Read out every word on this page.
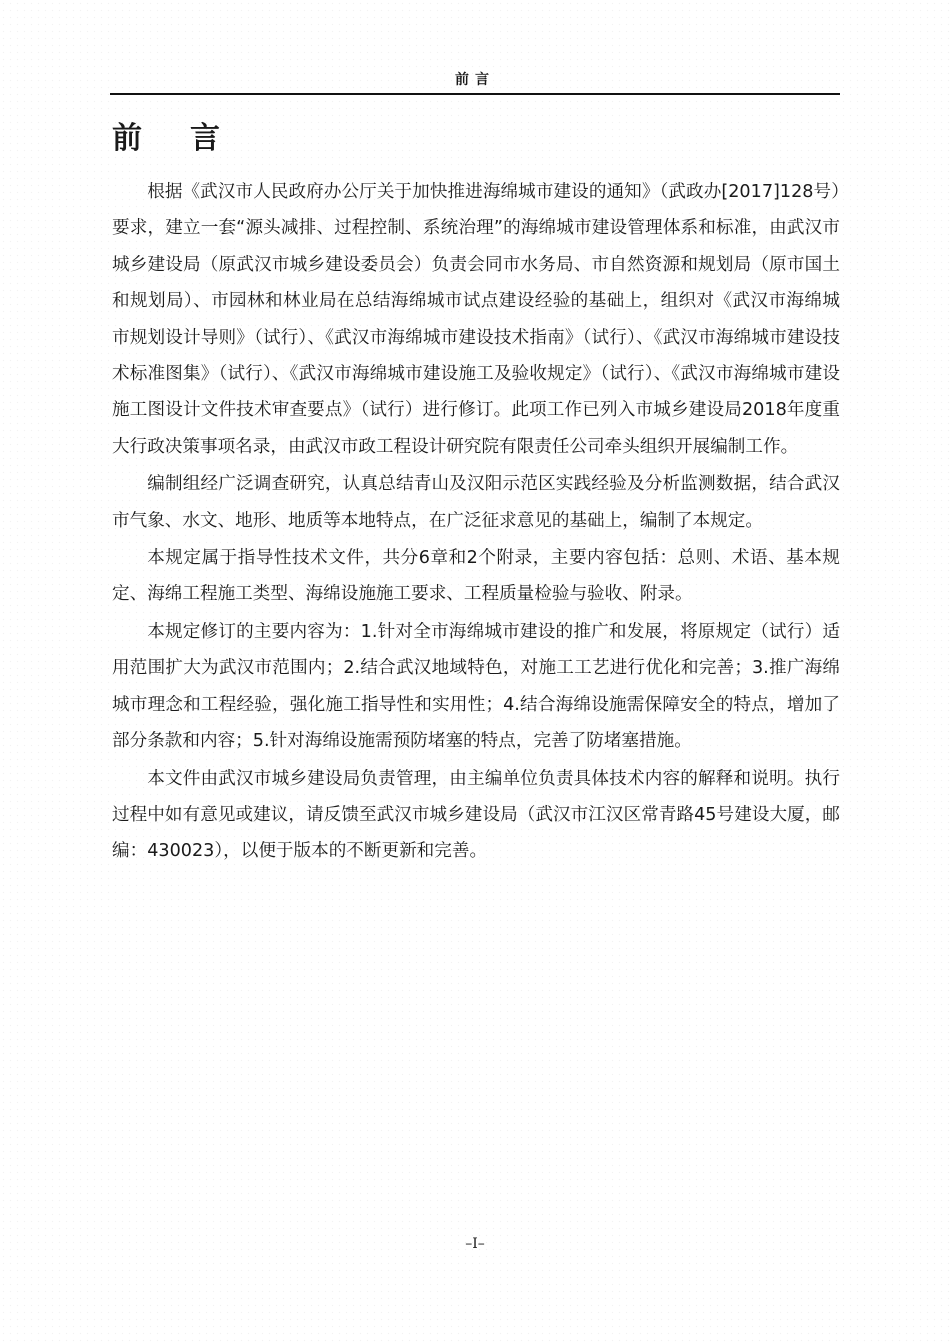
前言
前 言

根据《武汉市人民政府办公厅关于加快推进海绵城市建设的通知》（武政办[2017]128号）要求，建立一套“源头减排、过程控制、系统治理”的海绵城市建设管理体系和标准，由武汉市城乡建设局（原武汉市城乡建设委员会）负责会同市水务局、市自然资源和规划局（原市国土和规划局）、市园林和林业局在总结海绵城市试点建设经验的基础上，组织对《武汉市海绵城市规划设计导则》（试行）、《武汉市海绵城市建设技术指南》（试行）、《武汉市海绵城市建设技术标准图集》（试行）、《武汉市海绵城市建设施工及验收规定》（试行）、《武汉市海绵城市建设施工图设计文件技术审查要点》（试行）进行修订。此项工作已列入市城乡建设局2018年度重大行政决策事项名录，由武汉市政工程设计研究院有限责任公司牵头组织开展编制工作。

编制组经广泛调查研究，认真总结青山及汉阳示范区实践经验及分析监测数据，结合武汉市气象、水文、地形、地质等本地特点，在广泛征求意见的基础上，编制了本规定。

本规定属于指导性技术文件，共分6章和2个附录，主要内容包括：总则、术语、基本规定、海绵工程施工类型、海绵设施施工要求、工程质量检验与验收、附录。

本规定修订的主要内容为：1.针对全市海绵城市建设的推广和发展，将原规定（试行）适用范围扩大为武汉市范围内；2.结合武汉地域特色，对施工工艺进行优化和完善；3.推广海绵城市理念和工程经验，强化施工指导性和实用性；4.结合海绵设施需保障安全的特点，增加了部分条款和内容；5.针对海绵设施需预防堵塞的特点，完善了防堵塞措施。

本文件由武汉市城乡建设局负责管理，由主编单位负责具体技术内容的解释和说明。执行过程中如有意见或建议，请反馈至武汉市城乡建设局（武汉市江汉区常青路45号建设大厦，邮编：430023），以便于版本的不断更新和完善。

–I–
